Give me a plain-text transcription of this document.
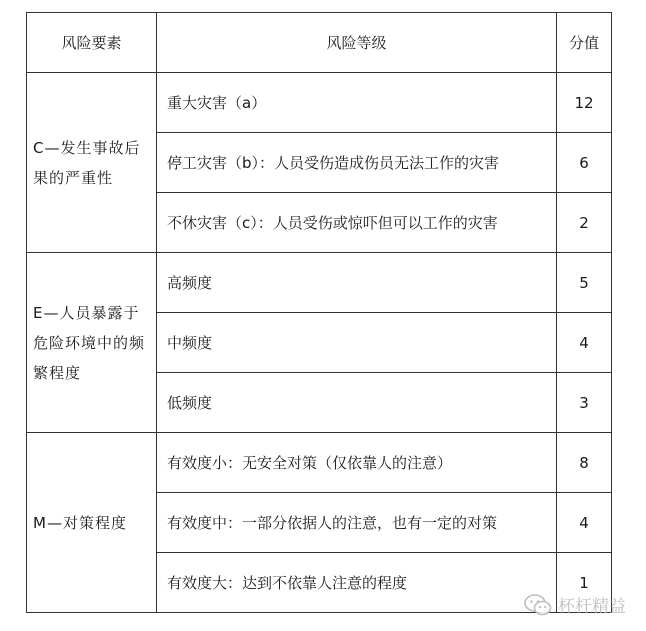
风险要素	风险等级	分值
C—发生事故后果的严重性	重大灾害（a）	12
	停工灾害（b）：人员受伤造成伤员无法工作的灾害	6
	不休灾害（c）：人员受伤或惊吓但可以工作的灾害	2
E—人员暴露于危险环境中的频繁程度	高频度	5
	中频度	4
	低频度	3
M—对策程度	有效度小：无安全对策（仅依靠人的注意）	8
	有效度中：一部分依据人的注意，也有一定的对策	4
	有效度大：达到不依靠人注意的程度	1
杯杆精益
